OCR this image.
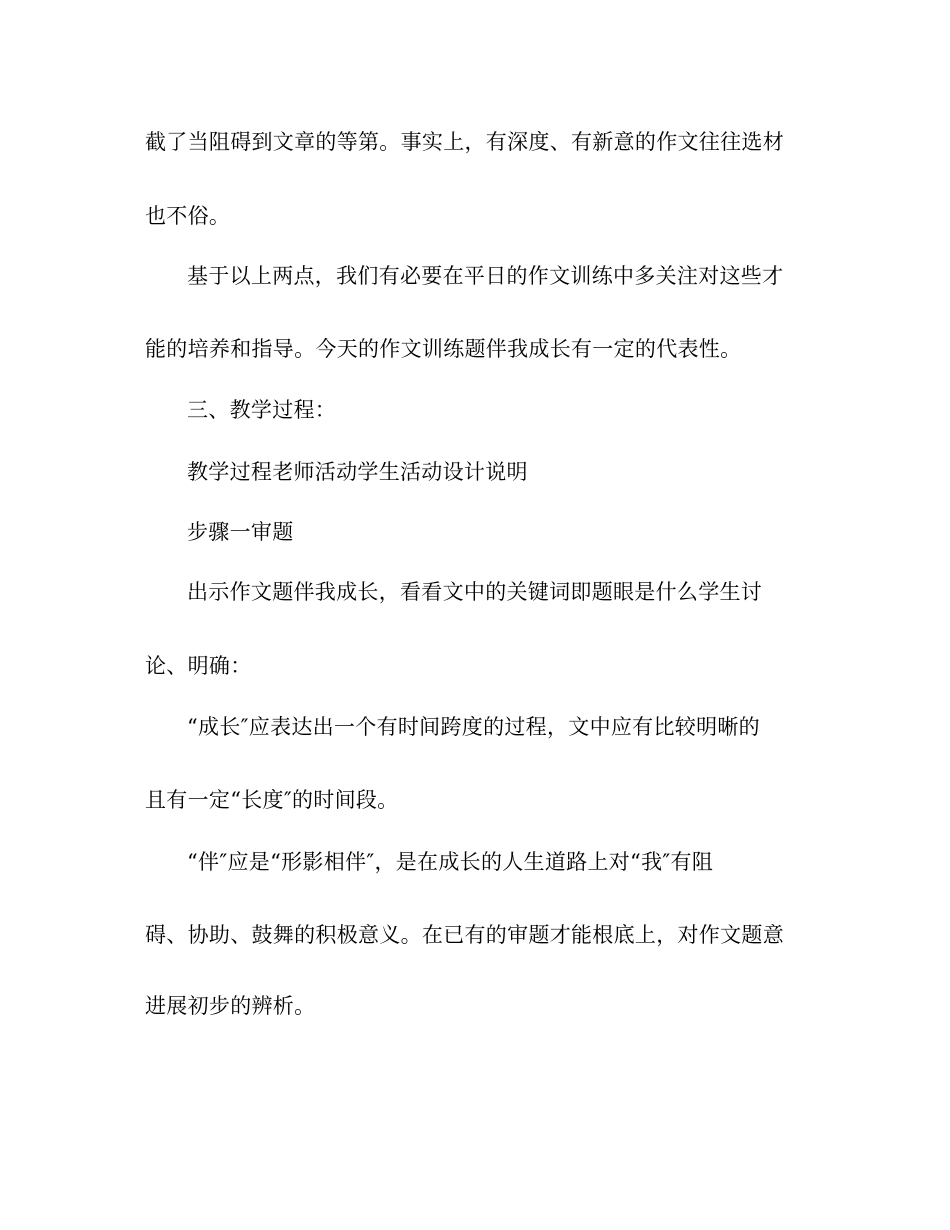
截了当阻碍到文章的等第。事实上，有深度、有新意的作文往往选材
也不俗。
基于以上两点，我们有必要在平日的作文训练中多关注对这些才
能的培养和指导。今天的作文训练题伴我成长有一定的代表性。
三、教学过程：
教学过程老师活动学生活动设计说明
步骤一审题
出示作文题伴我成长，看看文中的关键词即题眼是什么学生讨
论、明确：
“成长″应表达出一个有时间跨度的过程，文中应有比较明晰的
且有一定“长度″的时间段。
“伴″应是“形影相伴″，是在成长的人生道路上对“我″有阻
碍、协助、鼓舞的积极意义。在已有的审题才能根底上，对作文题意
进展初步的辨析。
